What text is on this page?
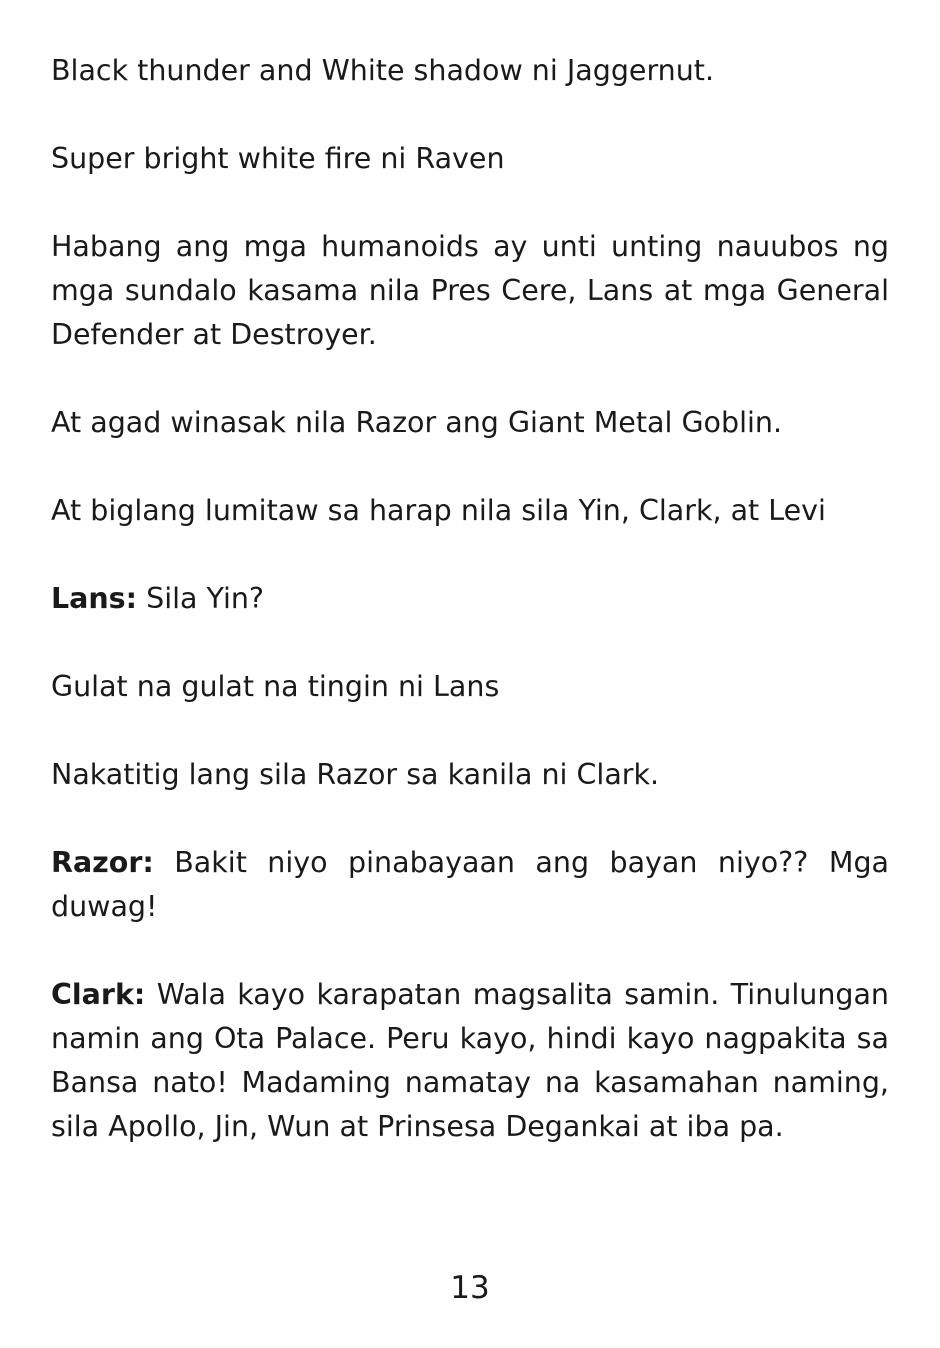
Black thunder and White shadow ni Jaggernut.

Super bright white fire ni Raven

Habang ang mga humanoids ay unti unting nauubos ng mga sundalo kasama nila Pres Cere, Lans at mga General Defender at Destroyer.

At agad winasak nila Razor ang Giant Metal Goblin.

At biglang lumitaw sa harap nila sila Yin, Clark, at Levi

Lans: Sila Yin?

Gulat na gulat na tingin ni Lans

Nakatitig lang sila Razor sa kanila ni Clark.

Razor: Bakit niyo pinabayaan ang bayan niyo?? Mga duwag!

Clark: Wala kayo karapatan magsalita samin. Tinulungan namin ang Ota Palace. Peru kayo, hindi kayo nagpakita sa Bansa nato! Madaming namatay na kasamahan naming, sila Apollo, Jin, Wun at Prinsesa Degankai at iba pa.

13
